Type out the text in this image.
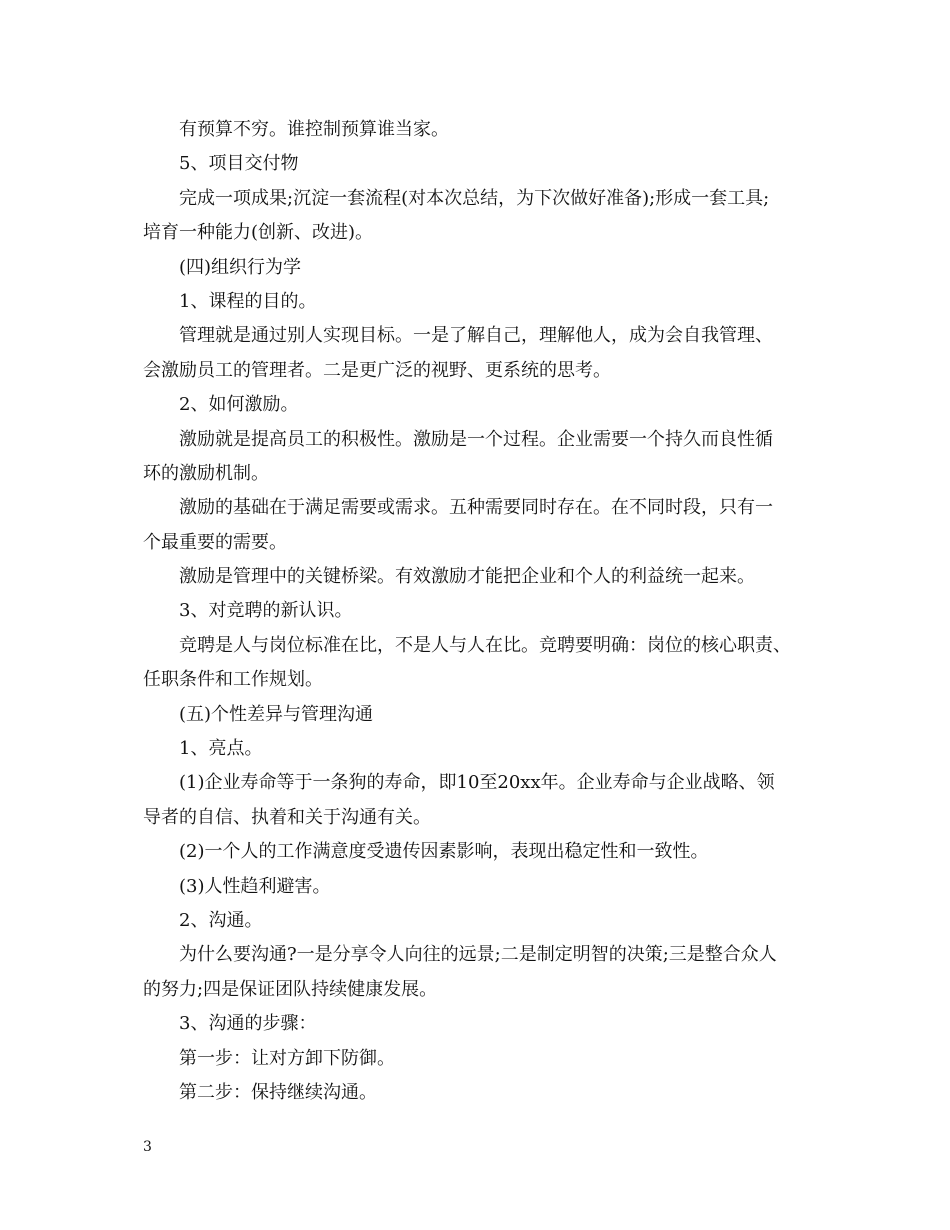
有预算不穷。谁控制预算谁当家。
5、项目交付物
完成一项成果;沉淀一套流程(对本次总结，为下次做好准备);形成一套工具;
培育一种能力(创新、改进)。
(四)组织行为学
1、课程的目的。
管理就是通过别人实现目标。一是了解自己，理解他人，成为会自我管理、
会激励员工的管理者。二是更广泛的视野、更系统的思考。
2、如何激励。
激励就是提高员工的积极性。激励是一个过程。企业需要一个持久而良性循
环的激励机制。
激励的基础在于满足需要或需求。五种需要同时存在。在不同时段，只有一
个最重要的需要。
激励是管理中的关键桥梁。有效激励才能把企业和个人的利益统一起来。
3、对竞聘的新认识。
竞聘是人与岗位标准在比，不是人与人在比。竞聘要明确：岗位的核心职责、
任职条件和工作规划。
(五)个性差异与管理沟通
1、亮点。
(1)企业寿命等于一条狗的寿命，即10至20xx年。企业寿命与企业战略、领
导者的自信、执着和关于沟通有关。
(2)一个人的工作满意度受遗传因素影响，表现出稳定性和一致性。
(3)人性趋利避害。
2、沟通。
为什么要沟通?一是分享令人向往的远景;二是制定明智的决策;三是整合众人
的努力;四是保证团队持续健康发展。
3、沟通的步骤：
第一步：让对方卸下防御。
第二步：保持继续沟通。
3
